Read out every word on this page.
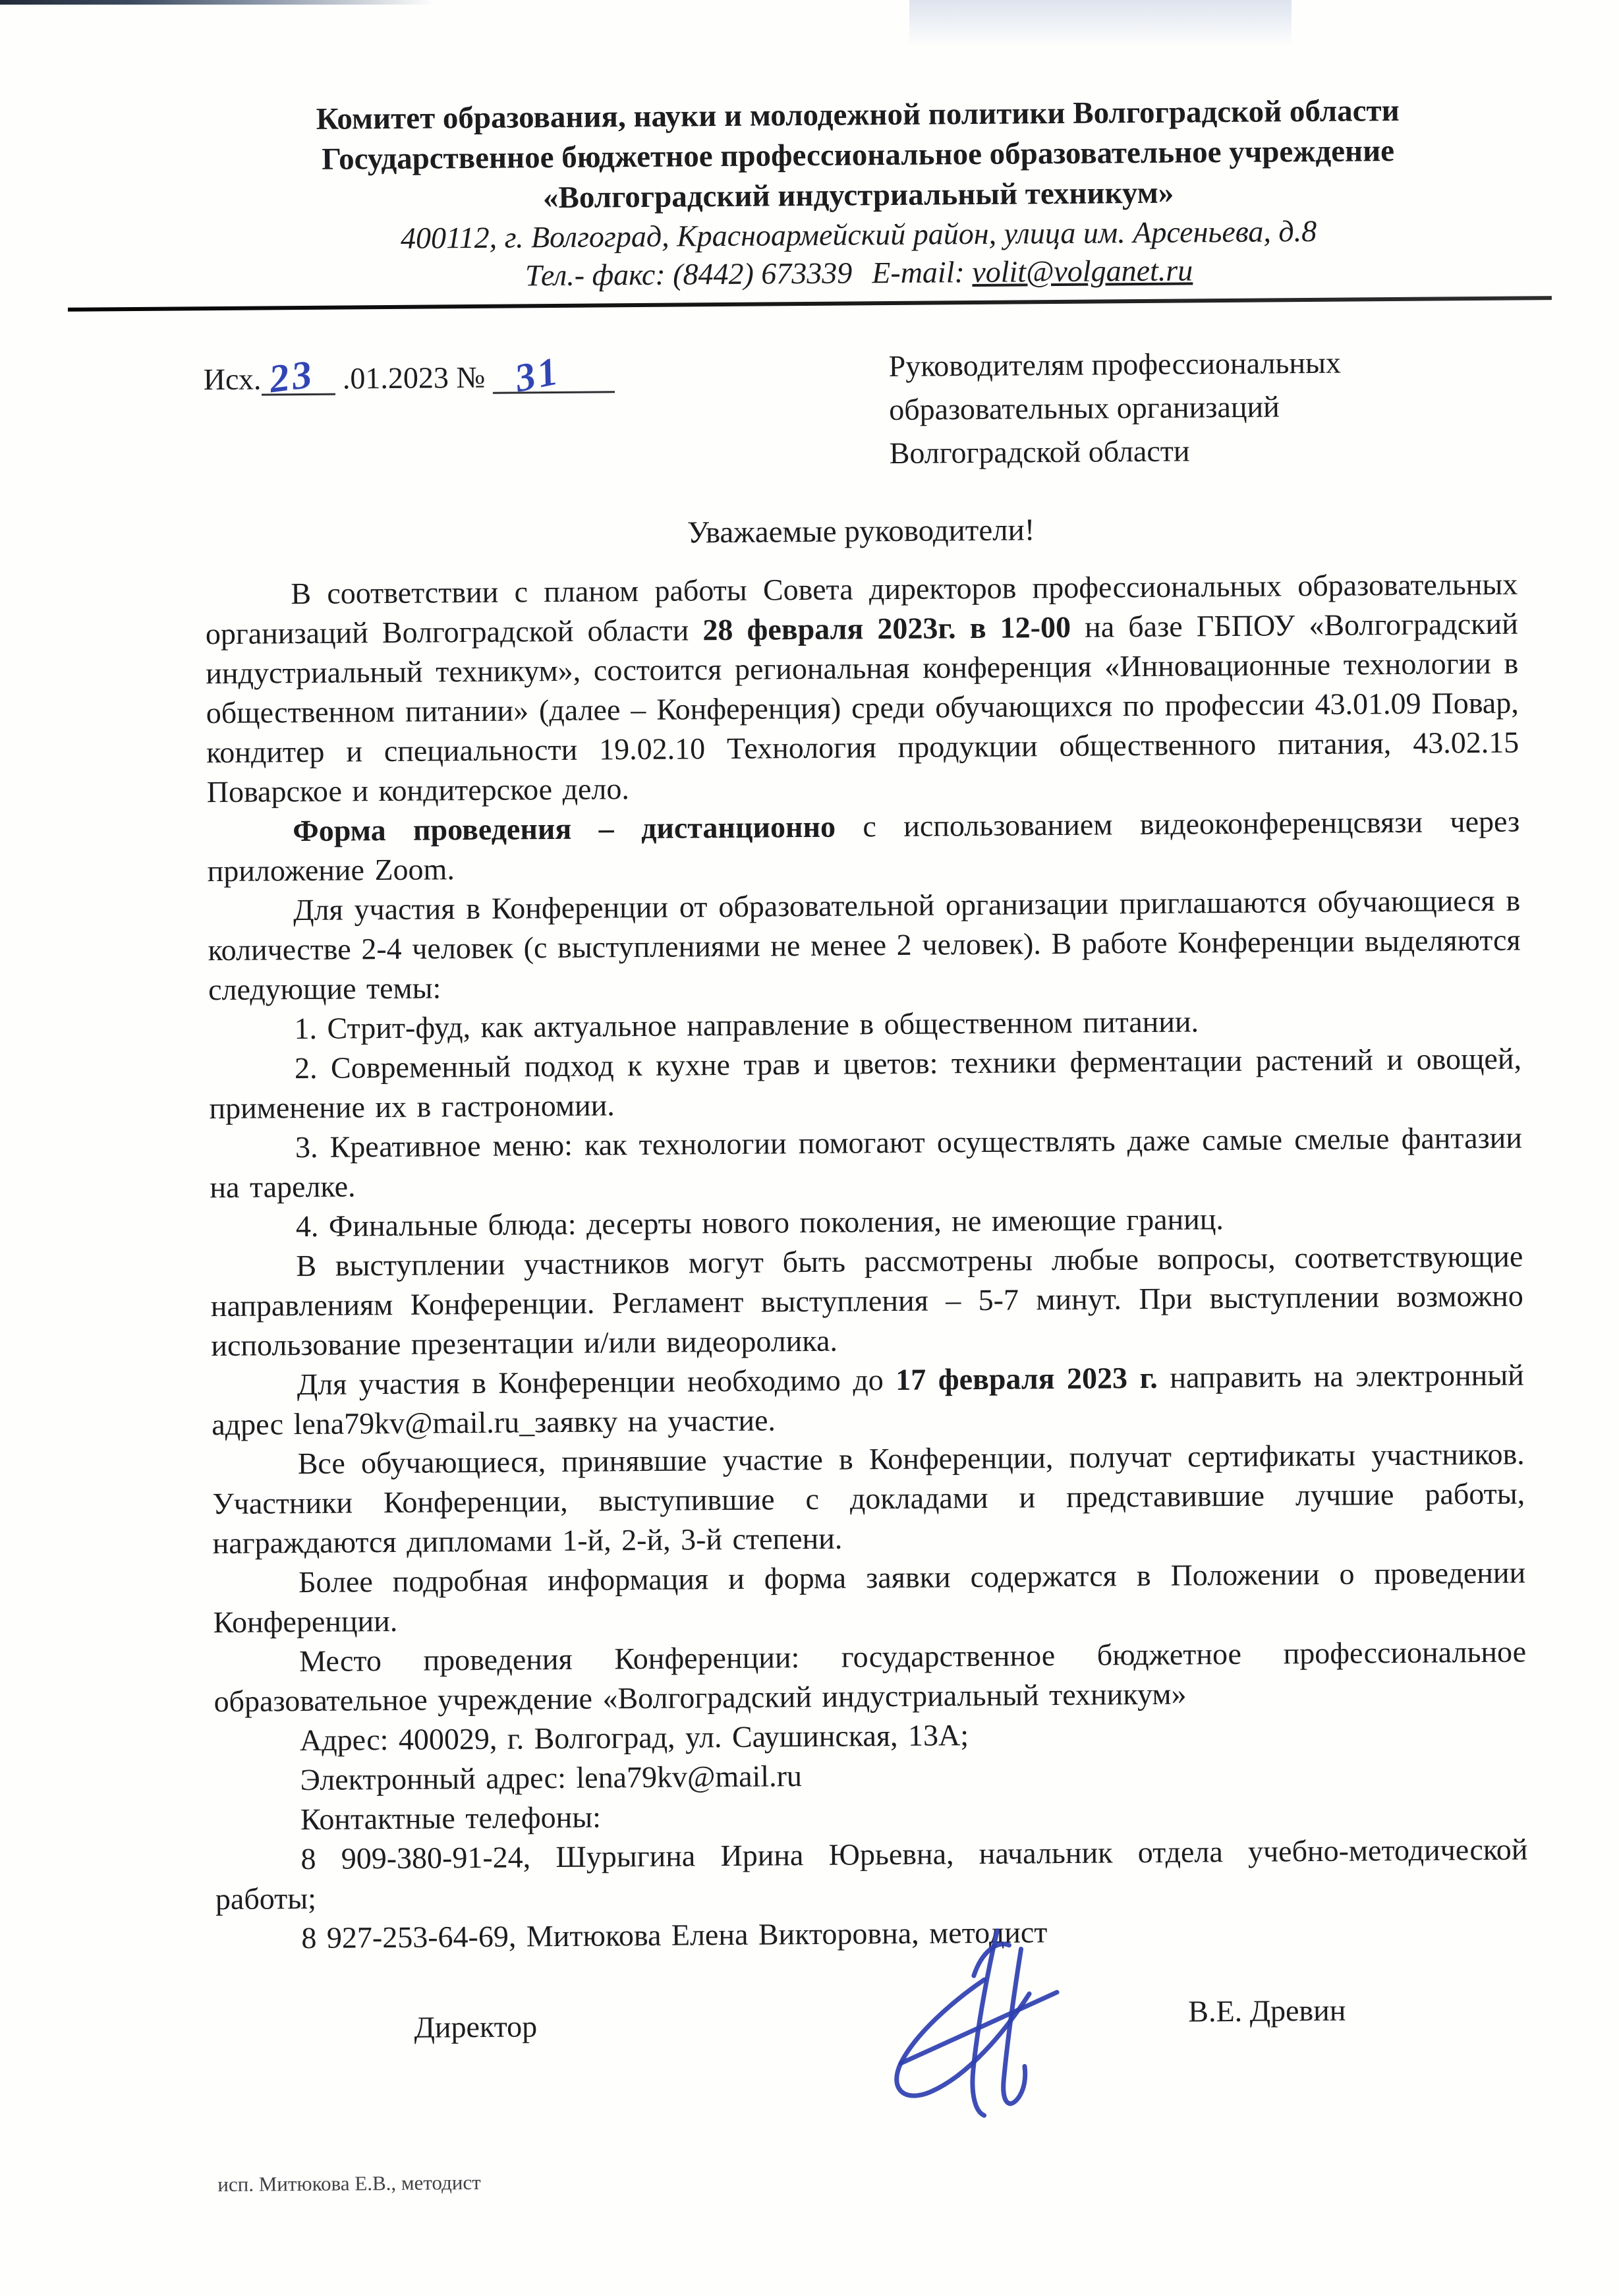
Комитет образования, науки и молодежной политики Волгоградской области
Государственное бюджетное профессиональное образовательное учреждение
«Волгоградский индустриальный техникум»
400112, г. Волгоград, Красноармейский район, улица им. Арсеньева, д.8
Тел.- факс: (8442) 673339 E-mail: volit@volganet.ru
Исх. 23 .01.2023 № 31	Руководителям профессиональных
образовательных организаций
Волгоградской области
Уважаемые руководители!

В соответствии с планом работы Совета директоров профессиональных образовательных организаций Волгоградской области 28 февраля 2023г. в 12-00 на базе ГБПОУ «Волгоградский индустриальный техникум», состоится региональная конференция «Инновационные технологии в общественном питании» (далее – Конференция) среди обучающихся по профессии 43.01.09 Повар, кондитер и специальности 19.02.10 Технология продукции общественного питания, 43.02.15 Поварское и кондитерское дело.

Форма проведения – дистанционно с использованием видеоконференцсвязи через приложение Zoom.

Для участия в Конференции от образовательной организации приглашаются обучающиеся в количестве 2-4 человек (с выступлениями не менее 2 человек). В работе Конференции выделяются следующие темы:

1. Стрит-фуд, как актуальное направление в общественном питании.

2. Современный подход к кухне трав и цветов: техники ферментации растений и овощей, применение их в гастрономии.

3. Креативное меню: как технологии помогают осуществлять даже самые смелые фантазии на тарелке.

4. Финальные блюда: десерты нового поколения, не имеющие границ.

В выступлении участников могут быть рассмотрены любые вопросы, соответствующие направлениям Конференции. Регламент выступления – 5-7 минут. При выступлении возможно использование презентации и/или видеоролика.

Для участия в Конференции необходимо до 17 февраля 2023 г. направить на электронный адрес lena79kv@mail.ru_заявку на участие.

Все обучающиеся, принявшие участие в Конференции, получат сертификаты участников. Участники Конференции, выступившие с докладами и представившие лучшие работы, награждаются дипломами 1-й, 2-й, 3-й степени.

Более подробная информация и форма заявки содержатся в Положении о проведении Конференции.

Место проведения Конференции: государственное бюджетное профессиональное образовательное учреждение «Волгоградский индустриальный техникум»

Адрес: 400029, г. Волгоград, ул. Саушинская, 13А;

Электронный адрес: lena79kv@mail.ru

Контактные телефоны:

8 909-380-91-24, Шурыгина Ирина Юрьевна, начальник отдела учебно-методической работы;

8 927-253-64-69, Митюкова Елена Викторовна, методист

Директор	В.Е. Древин
исп. Митюкова Е.В., методист
